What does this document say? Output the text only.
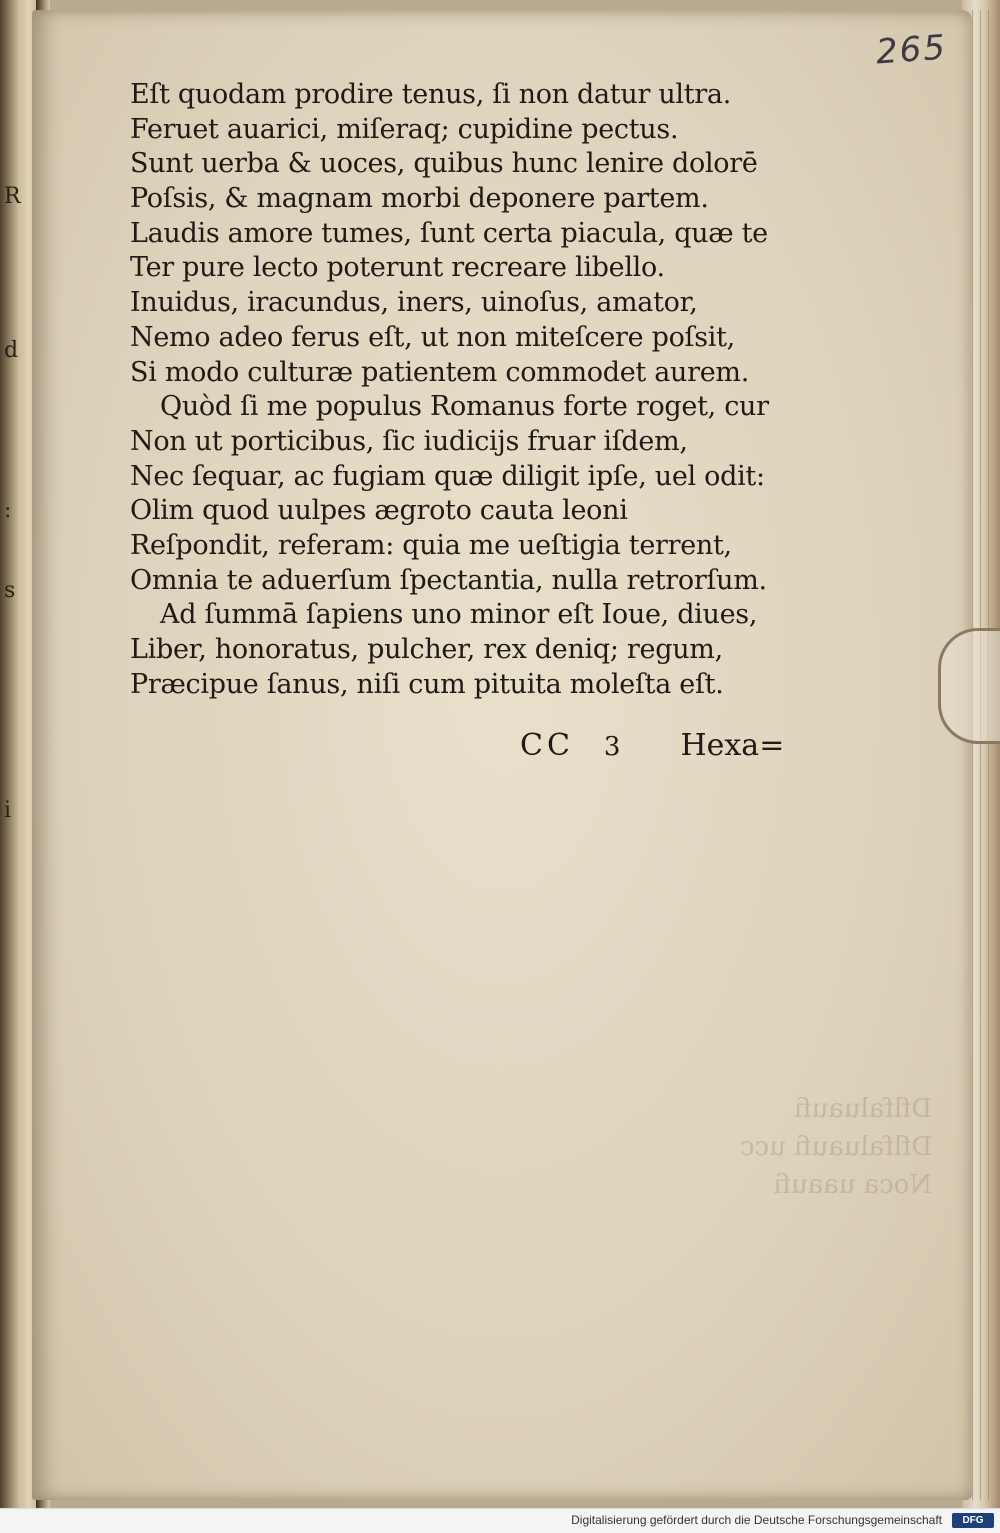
R
d
:
s
i

265

Eſt quodam prodire tenus, ſi non datur ultra.
Feruet auarici, miſeraq; cupidine pectus.
Sunt uerba & uoces, quibus hunc lenire dolorē
Poſsis, & magnam morbi deponere partem.
Laudis amore tumes, ſunt certa piacula, quæ te
Ter pure lecto poterunt recreare libello.
Inuidus, iracundus, iners, uinoſus, amator,
Nemo adeo ferus eſt, ut non miteſcere poſsit,
Si modo culturæ patientem commodet aurem.
Quòd ſi me populus Romanus forte roget, cur
Non ut porticibus, ſic iudicijs fruar iſdem,
Nec ſequar, ac fugiam quæ diligit ipſe, uel odit:
Olim quod uulpes ægroto cauta leoni
Reſpondit, referam: quia me ueſtigia terrent,
Omnia te aduerſum ſpectantia, nulla retrorſum.
Ad ſummā ſapiens uno minor eſt Ioue, diues,
Liber, honoratus, pulcher, rex deniq; regum,
Præcipue ſanus, niſi cum pituita moleſta eſt.

CC 3 Hexa=

Dflfaluaufi
Dflfaluaufi ucc
Noca uaaufi

Digitalisierung gefördert durch die Deutsche Forschungsgemeinschaft	DFG
